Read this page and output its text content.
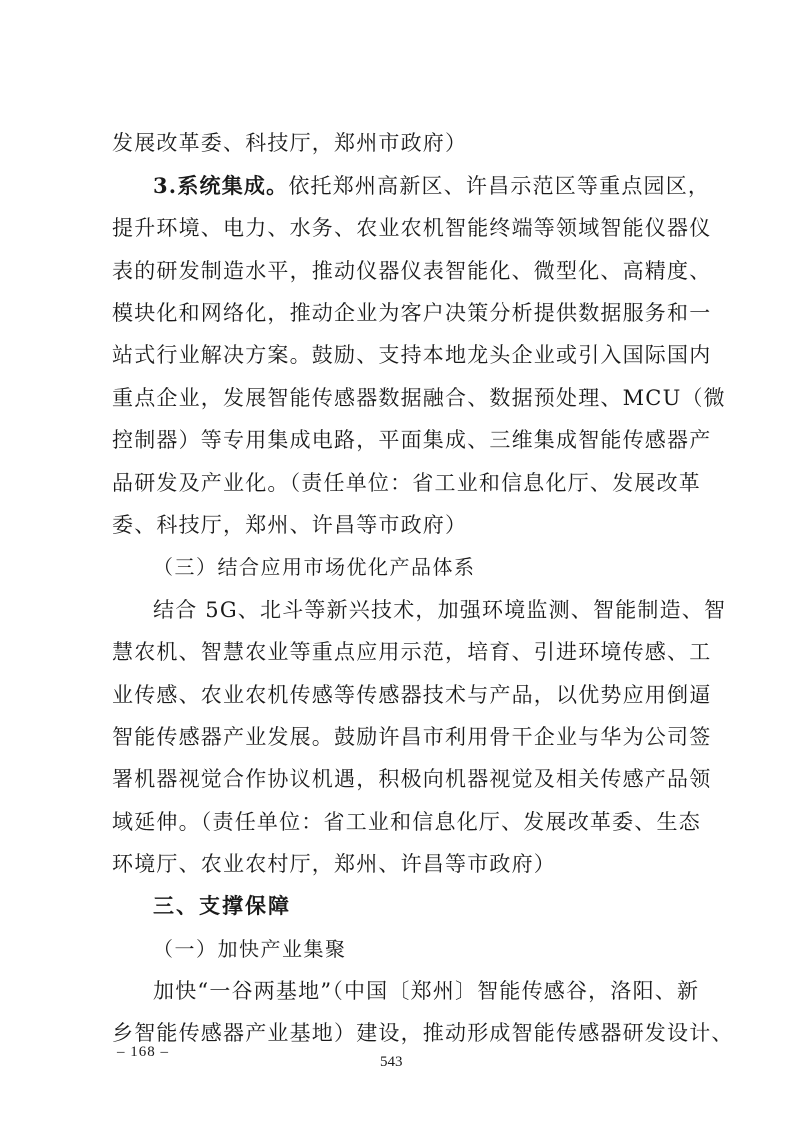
发展改革委、科技厅，郑州市政府）
3.系统集成。依托郑州高新区、许昌示范区等重点园区，
提升环境、电力、水务、农业农机智能终端等领域智能仪器仪
表的研发制造水平，推动仪器仪表智能化、微型化、高精度、
模块化和网络化，推动企业为客户决策分析提供数据服务和一
站式行业解决方案。鼓励、支持本地龙头企业或引入国际国内
重点企业，发展智能传感器数据融合、数据预处理、MCU（微
控制器）等专用集成电路，平面集成、三维集成智能传感器产
品研发及产业化。（责任单位：省工业和信息化厅、发展改革
委、科技厅，郑州、许昌等市政府）
（三）结合应用市场优化产品体系
结合 5G、北斗等新兴技术，加强环境监测、智能制造、智
慧农机、智慧农业等重点应用示范，培育、引进环境传感、工
业传感、农业农机传感等传感器技术与产品，以优势应用倒逼
智能传感器产业发展。鼓励许昌市利用骨干企业与华为公司签
署机器视觉合作协议机遇，积极向机器视觉及相关传感产品领
域延伸。（责任单位：省工业和信息化厅、发展改革委、生态
环境厅、农业农村厅，郑州、许昌等市政府）
三、支撑保障
（一）加快产业集聚
加快“一谷两基地”（中国〔郑州〕智能传感谷，洛阳、新
乡智能传感器产业基地）建设，推动形成智能传感器研发设计、
– 168 –
543
